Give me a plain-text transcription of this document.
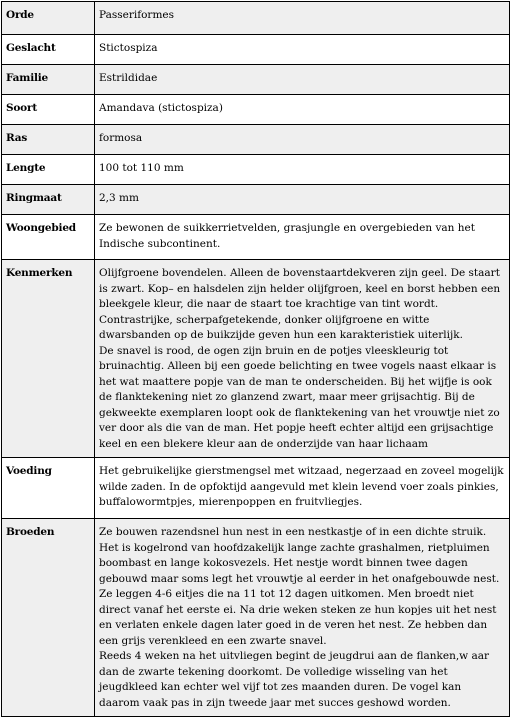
Orde	Passeriformes

Geslacht	Stictospiza

Familie	Estrildidae

Soort	Amandava (stictospiza)

Ras	formosa

Lengte	100 tot 110 mm

Ringmaat	2,3 mm

Woongebied	Ze bewonen de suikkerrietvelden, grasjungle en overgebieden van het Indische subcontinent.

Kenmerken	Olijfgroene bovendelen. Alleen de bovenstaartdekveren zijn geel. De staart is zwart. Kop– en halsdelen zijn helder olijfgroen, keel en borst hebben een bleekgele kleur, die naar de staart toe krachtige van tint wordt.
Contrastrijke, scherpafgetekende, donker olijfgroene en witte dwarsbanden op de buikzijde geven hun een karakteristiek uiterlijk.
De snavel is rood, de ogen zijn bruin en de potjes vleeskleurig tot bruinachtig. Alleen bij een goede belichting en twee vogels naast elkaar is het wat maattere popje van de man te onderscheiden. Bij het wijfje is ook de flanktekening niet zo glanzend zwart, maar meer grijsachtig. Bij de gekweekte exemplaren loopt ook de flanktekening van het vrouwtje niet zo ver door als die van de man. Het popje heeft echter altijd een grijsachtige keel en een blekere kleur aan de onderzijde van haar lichaam

Voeding	Het gebruikelijke gierstmengsel met witzaad, negerzaad en zoveel mogelijk wilde zaden. In de opfoktijd aangevuld met klein levend voer zoals pinkies, buffalowormtpjes, mierenpoppen en fruitvliegjes.

Broeden	Ze bouwen razendsnel hun nest in een nestkastje of in een dichte struik. Het is kogelrond van hoofdzakelijk lange zachte grashalmen, rietpluimen boombast en lange kokosvezels. Het nestje wordt binnen twee dagen gebouwd maar soms legt het vrouwtje al eerder in het onafgebouwde nest.
Ze leggen 4-6 eitjes die na 11 tot 12 dagen uitkomen. Men broedt niet direct vanaf het eerste ei. Na drie weken steken ze hun kopjes uit het nest en verlaten enkele dagen later goed in de veren het nest. Ze hebben dan een grijs verenkleed en een zwarte snavel.
Reeds 4 weken na het uitvliegen begint de jeugdrui aan de flanken,w aar dan de zwarte tekening doorkomt. De volledige wisseling van het jeugdkleed kan echter wel vijf tot zes maanden duren. De vogel kan daarom vaak pas in zijn tweede jaar met succes geshowd worden.
